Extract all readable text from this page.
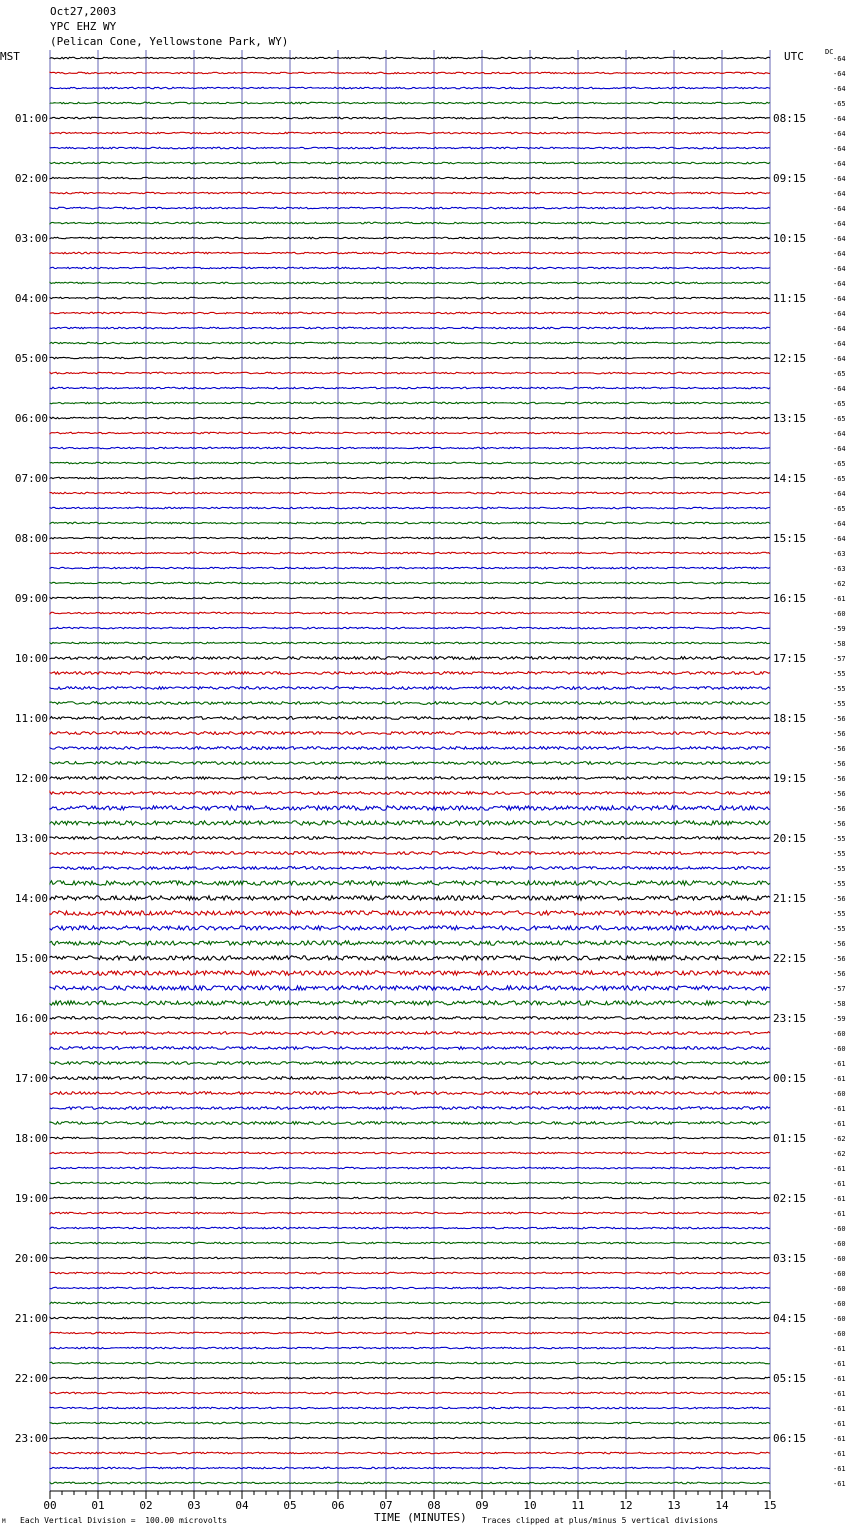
Oct27,2003
YPC EHZ WY
(Pelican Cone, Yellowstone Park, WY)
MST	UTC	DC
-64
-64
-64
-65
-64
01:00	08:15
-64
-64
-64
-64
02:00	09:15
-64
-64
-64
-64
03:00	10:15
-64
-64
-64
-64
04:00	11:15
-64
-64
-64
-64
05:00	12:15
-65
-64
-65
-65
06:00	13:15
-64
-64
-65
-65
07:00	14:15
-64
-65
-64
-64
08:00	15:15
-63
-63
-62
-61
09:00	16:15
-60
-59
-58
-57
10:00	17:15
-55
-55
-55
-56
11:00	18:15
-56
-56
-56
-56
12:00	19:15
-56
-56
-56
-55
13:00	20:15
-55
-55
-55
-56
14:00	21:15
-55
-55
-56
-56
15:00	22:15
-56
-57
-58
-59
16:00	23:15
-60
-60
-61
-61
17:00	00:15
-60
-61
-61
-62
18:00	01:15
-62
-61
-61
-61
19:00	02:15
-61
-60
-60
-60
20:00	03:15
-60
-60
-60
-60
21:00	04:15
-60
-61
-61
-61
22:00	05:15
-61
-61
-61
-61
23:00	06:15
-61
-61
-61
00	01	02	03	04	05	06	07	08	09	10	11	12	13	14	15
M Each Vertical Division =  100.00 microvolts	TIME (MINUTES) Traces clipped at plus/minus 5 vertical divisions
